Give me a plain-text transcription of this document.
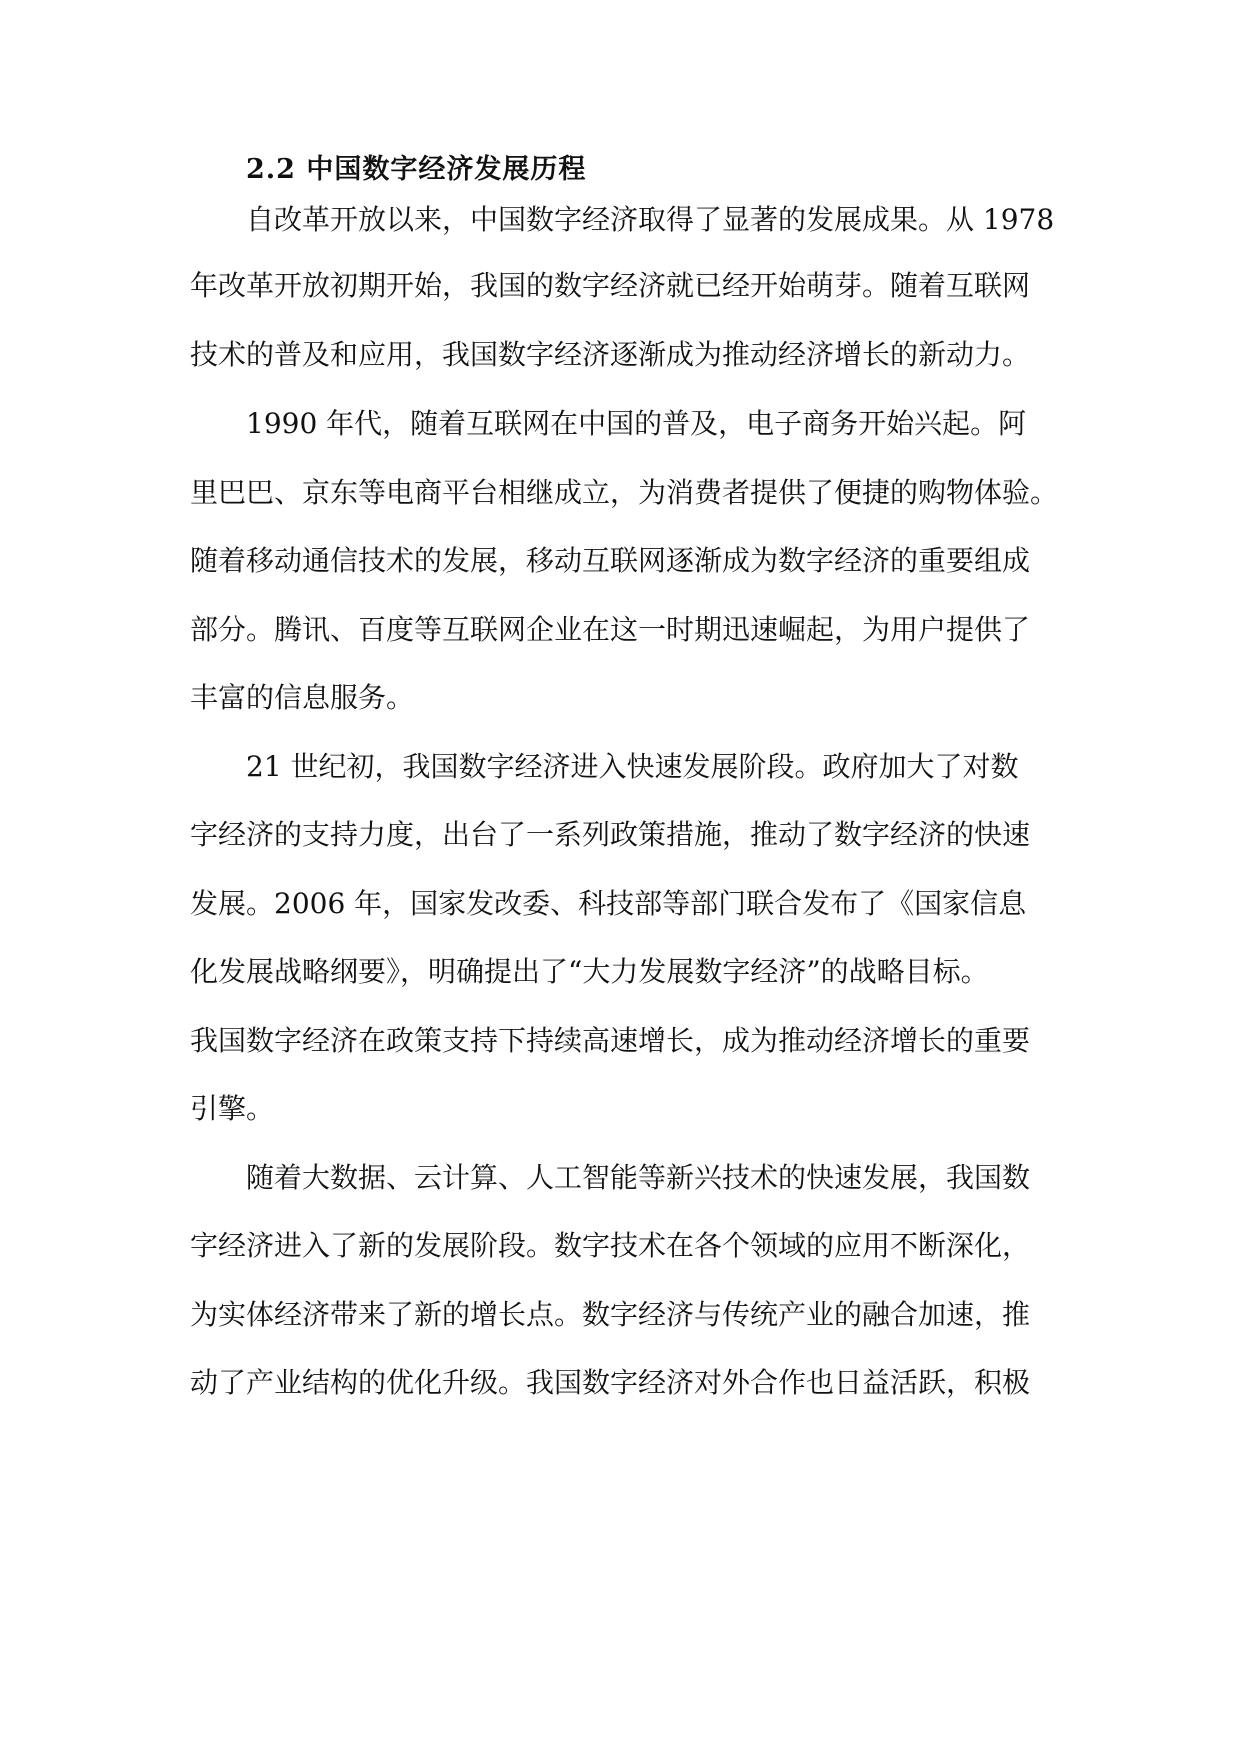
2.2 中国数字经济发展历程
自改革开放以来，中国数字经济取得了显著的发展成果。从 1978
年改革开放初期开始，我国的数字经济就已经开始萌芽。随着互联网
技术的普及和应用，我国数字经济逐渐成为推动经济增长的新动力。
1990 年代，随着互联网在中国的普及，电子商务开始兴起。阿
里巴巴、京东等电商平台相继成立，为消费者提供了便捷的购物体验。
随着移动通信技术的发展，移动互联网逐渐成为数字经济的重要组成
部分。腾讯、百度等互联网企业在这一时期迅速崛起，为用户提供了
丰富的信息服务。
21 世纪初，我国数字经济进入快速发展阶段。政府加大了对数
字经济的支持力度，出台了一系列政策措施，推动了数字经济的快速
发展。2006 年，国家发改委、科技部等部门联合发布了《国家信息
化发展战略纲要》，明确提出了“大力发展数字经济”的战略目标。
我国数字经济在政策支持下持续高速增长，成为推动经济增长的重要
引擎。
随着大数据、云计算、人工智能等新兴技术的快速发展，我国数
字经济进入了新的发展阶段。数字技术在各个领域的应用不断深化，
为实体经济带来了新的增长点。数字经济与传统产业的融合加速，推
动了产业结构的优化升级。我国数字经济对外合作也日益活跃，积极
